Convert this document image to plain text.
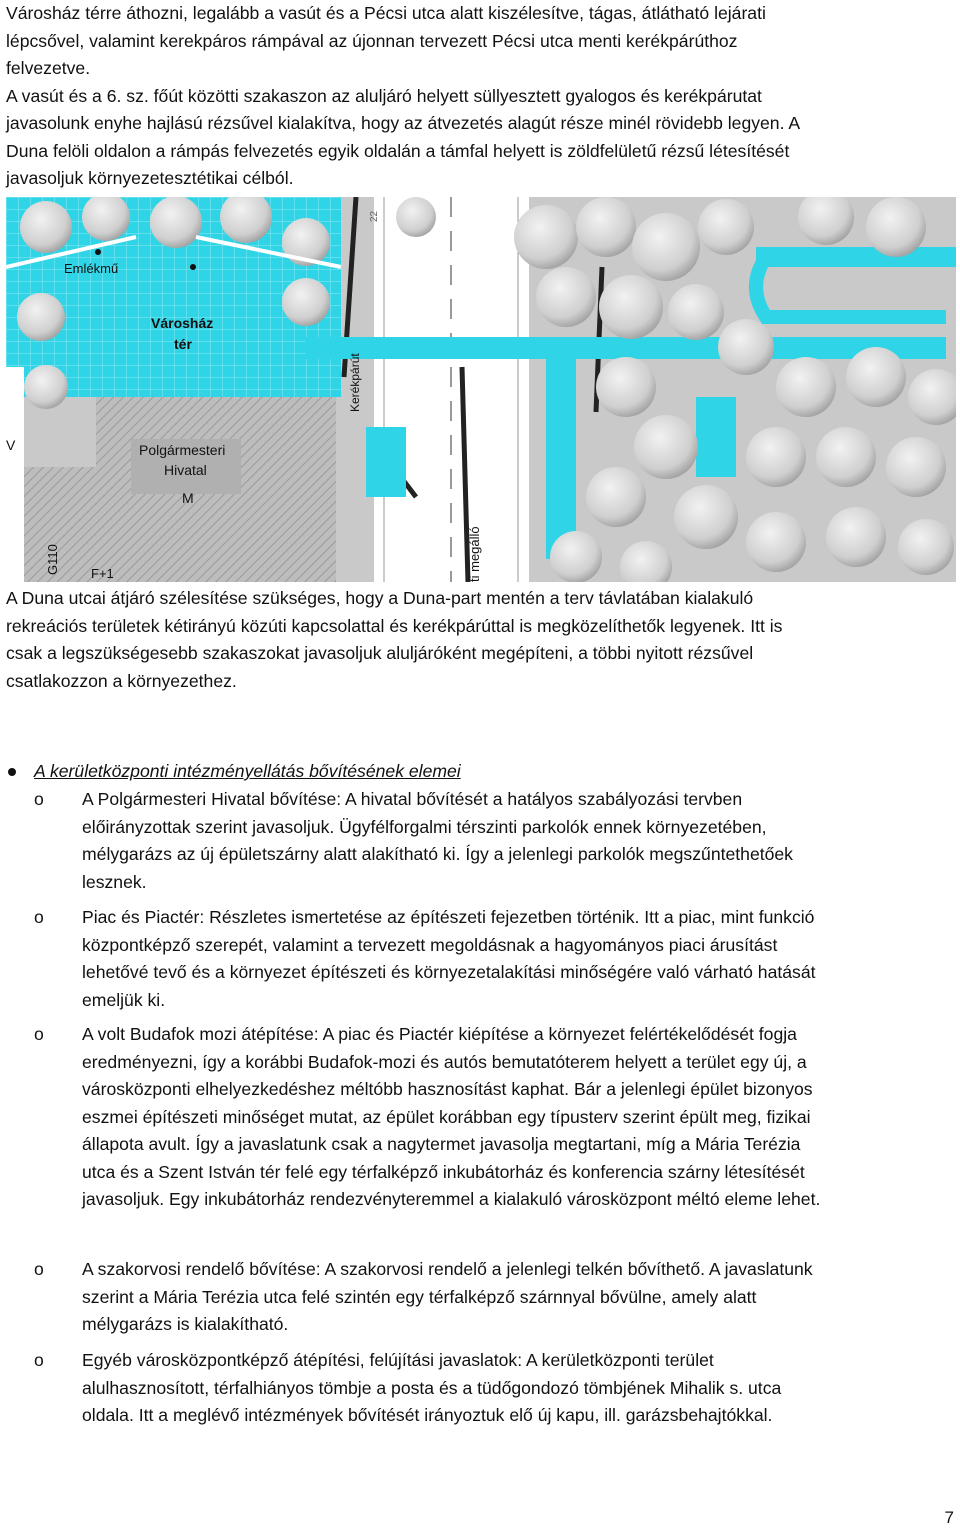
Városház térre áthozni, legalább a vasút és a Pécsi utca alatt kiszélesítve, tágas, átlátható lejárati
lépcsővel, valamint kerekpáros rámpával az újonnan tervezett Pécsi utca menti kerékpárúthoz
felvezetve.
A vasút és a 6. sz. főút közötti szakaszon az aluljáró helyett süllyesztett gyalogos és kerékpárutat
javasolunk enyhe hajlású rézsűvel kialakítva, hogy az átvezetés alagút része minél rövidebb legyen. A
Duna felöli oldalon a rámpás felvezetés egyik oldalán a támfal helyett is zöldfelületű rézsű létesítését
javasoljuk környezetesztétikai célból.
Emlékmű
Városház
tér
Kerékpárút
Polgármesteri
Hivatal
M
V
G110 F+1	ti megálló
22
A Duna utcai átjáró szélesítése szükséges, hogy a Duna-part mentén a terv távlatában kialakuló
rekreációs területek kétirányú közúti kapcsolattal és kerékpárúttal is megközelíthetők legyenek. Itt is
csak a legszükségesebb szakaszokat javasoljuk aluljáróként megépíteni, a többi nyitott rézsűvel
csatlakozzon a környezethez.
A kerületközponti intézményellátás bővítésének elemei
o A Polgármesteri Hivatal bővítése: A hivatal bővítését a hatályos szabályozási tervben
előirányzottak szerint javasoljuk. Ügyfélforgalmi térszinti parkolók ennek környezetében,
mélygarázs az új épületszárny alatt alakítható ki. Így a jelenlegi parkolók megszűntethetőek
lesznek.
o Piac és Piactér: Részletes ismertetése az építészeti fejezetben történik. Itt a piac, mint funkció
központképző szerepét, valamint a tervezett megoldásnak a hagyományos piaci árusítást
lehetővé tevő és a környezet építészeti és környezetalakítási minőségére való várható hatását
emeljük ki.
o A volt Budafok mozi átépítése: A piac és Piactér kiépítése a környezet felértékelődését fogja
eredményezni, így a korábbi Budafok-mozi és autós bemutatóterem helyett a terület egy új, a
városközponti elhelyezkedéshez méltóbb hasznosítást kaphat. Bár a jelenlegi épület bizonyos
eszmei építészeti minőséget mutat, az épület korábban egy típusterv szerint épült meg, fizikai
állapota avult. Így a javaslatunk csak a nagytermet javasolja megtartani, míg a Mária Terézia
utca és a Szent István tér felé egy térfalképző inkubátorház és konferencia szárny létesítését
javasoljuk. Egy inkubátorház rendezvényteremmel a kialakuló városközpont méltó eleme lehet.
o A szakorvosi rendelő bővítése: A szakorvosi rendelő a jelenlegi telkén bővíthető. A javaslatunk
szerint a Mária Terézia utca felé szintén egy térfalképző szárnnyal bővülne, amely alatt
mélygarázs is kialakítható.
o Egyéb városközpontképző átépítési, felújítási javaslatok: A kerületközponti terület
alulhasznosított, térfalhiányos tömbje a posta és a tüdőgondozó tömbjének Mihalik s. utca
oldala. Itt a meglévő intézmények bővítését irányoztuk elő új kapu, ill. garázsbehajtókkal.
7
